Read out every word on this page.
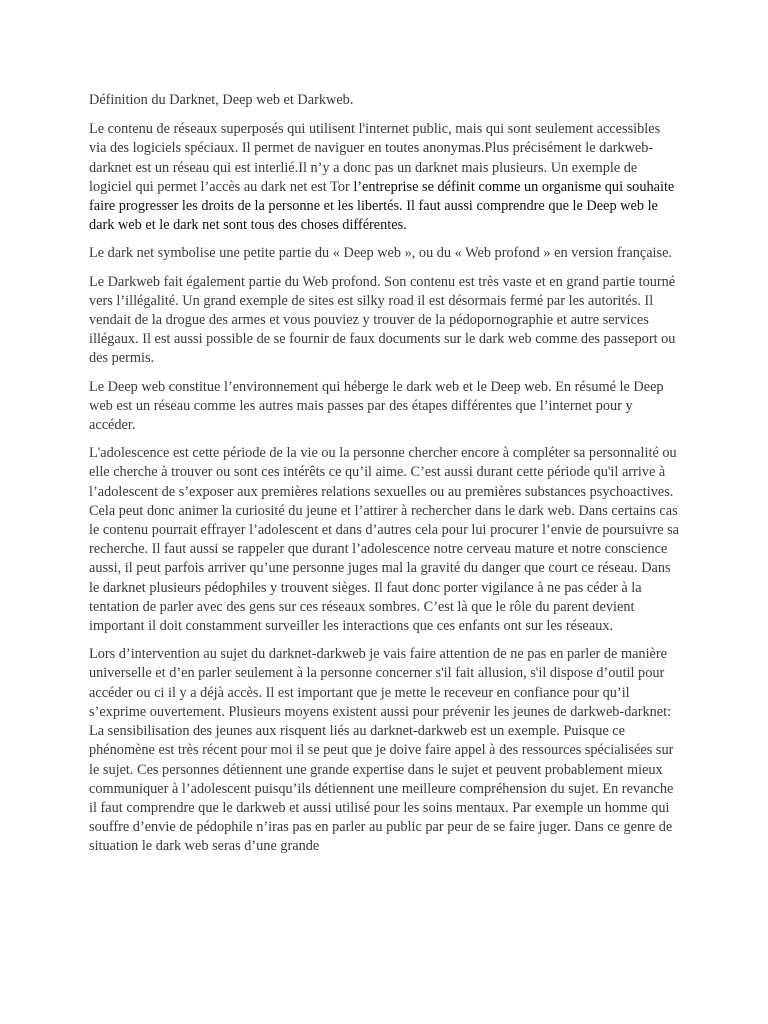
Définition du Darknet, Deep web et Darkweb.

Le contenu de réseaux superposés qui utilisent l'internet public, mais qui sont seulement accessibles via des logiciels spéciaux. Il permet de naviguer en toutes anonymas.Plus précisément le darkweb-darknet est un réseau qui est interlié.Il n’y a donc pas un darknet mais plusieurs. Un exemple de logiciel qui permet l’accès au dark net est Tor l’entreprise se définit comme un organisme qui souhaite faire progresser les droits de la personne et les libertés. Il faut aussi comprendre que le Deep web le dark web et le dark net sont tous des choses différentes.

Le dark net symbolise une petite partie du « Deep web », ou du « Web profond » en version française.

Le Darkweb fait également partie du Web profond. Son contenu est très vaste et en grand partie tourné vers l’illégalité. Un grand exemple de sites est silky road il est désormais fermé par les autorités. Il vendait de la drogue des armes et vous pouviez y trouver de la pédopornographie et autre services illégaux. Il est aussi possible de se fournir de faux documents sur le dark web comme des passeport ou des permis.

Le Deep web constitue l’environnement qui héberge le dark web et le Deep web. En résumé le Deep web est un réseau comme les autres mais passes par des étapes différentes que l’internet pour y accéder.

L'adolescence est cette période de la vie ou la personne chercher encore à compléter sa personnalité ou elle cherche à trouver ou sont ces intérêts ce qu’il aime. C’est aussi durant cette période qu'il arrive à l’adolescent de s’exposer aux premières relations sexuelles ou au premières substances psychoactives. Cela peut donc animer la curiosité du jeune et l’attirer à rechercher dans le dark web. Dans certains cas le contenu pourrait effrayer l’adolescent et dans d’autres cela pour lui procurer l’envie de poursuivre sa recherche. Il faut aussi se rappeler que durant l’adolescence notre cerveau mature et notre conscience aussi, il peut parfois arriver qu’une personne juges mal la gravité du danger que court ce réseau. Dans le darknet plusieurs pédophiles y trouvent sièges. Il faut donc porter vigilance à ne pas céder à la tentation de parler avec des gens sur ces réseaux sombres. C’est là que le rôle du parent devient important il doit constamment surveiller les interactions que ces enfants ont sur les réseaux.

Lors d’intervention au sujet du darknet-darkweb je vais faire attention de ne pas en parler de manière universelle et d’en parler seulement à la personne concerner s'il fait allusion, s'il dispose d’outil pour accéder ou ci il y a déjà accès. Il est important que je mette le receveur en confiance pour qu’il s’exprime ouvertement. Plusieurs moyens existent aussi pour prévenir les jeunes de darkweb-darknet: La sensibilisation des jeunes aux risquent liés au darknet-darkweb est un exemple. Puisque ce phénomène est très récent pour moi il se peut que je doive faire appel à des ressources spécialisées sur le sujet. Ces personnes détiennent une grande expertise dans le sujet et peuvent probablement mieux communiquer à l’adolescent puisqu’ils détiennent une meilleure compréhension du sujet. En revanche il faut comprendre que le darkweb et aussi utilisé pour les soins mentaux. Par exemple un homme qui souffre d’envie de pédophile n’iras pas en parler au public par peur de se faire juger. Dans ce genre de situation le dark web seras d’une grande
